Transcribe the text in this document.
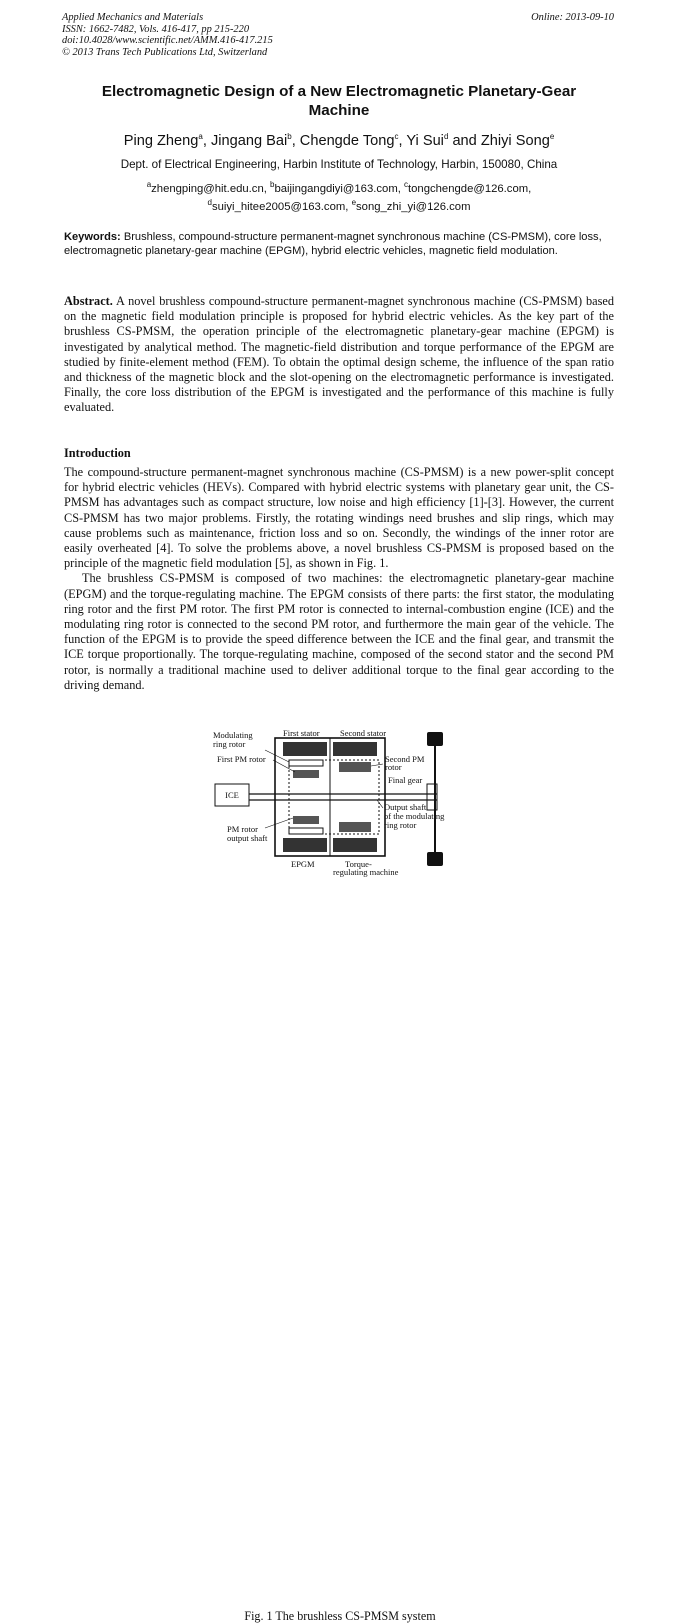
Applied Mechanics and Materials
ISSN: 1662-7482, Vols. 416-417, pp 215-220
doi:10.4028/www.scientific.net/AMM.416-417.215
© 2013 Trans Tech Publications Ltd, Switzerland
Online: 2013-09-10
Electromagnetic Design of a New Electromagnetic Planetary-Gear Machine
Ping Zheng$^a$, Jingang Bai$^b$, Chengde Tong$^c$, Yi Sui$^d$ and Zhiyi Song$^e$
Dept. of Electrical Engineering, Harbin Institute of Technology, Harbin, 150080, China
$^a$zhengping@hit.edu.cn, $^b$baijingangdiyi@163.com, $^c$tongchengde@126.com,
$^d$suiyi_hitee2005@163.com, $^e$song_zhi_yi@126.com
Keywords: Brushless, compound-structure permanent-magnet synchronous machine (CS-PMSM), core loss, electromagnetic planetary-gear machine (EPGM), hybrid electric vehicles, magnetic field modulation.
Abstract. A novel brushless compound-structure permanent-magnet synchronous machine (CS-PMSM) based on the magnetic field modulation principle is proposed for hybrid electric vehicles. As the key part of the brushless CS-PMSM, the operation principle of the electromagnetic planetary-gear machine (EPGM) is investigated by analytical method. The magnetic-field distribution and torque performance of the EPGM are studied by finite-element method (FEM). To obtain the optimal design scheme, the influence of the span ratio and thickness of the magnetic block and the slot-opening on the electromagnetic performance is investigated. Finally, the core loss distribution of the EPGM is investigated and the performance of this machine is fully evaluated.
Introduction

The compound-structure permanent-magnet synchronous machine (CS-PMSM) is a new power-split concept for hybrid electric vehicles (HEVs). Compared with hybrid electric systems with planetary gear unit, the CS-PMSM has advantages such as compact structure, low noise and high efficiency [1]-[3]. However, the current CS-PMSM has two major problems. Firstly, the rotating windings need brushes and slip rings, which may cause problems such as maintenance, friction loss and so on. Secondly, the windings of the inner rotor are easily overheated [4]. To solve the problems above, a novel brushless CS-PMSM is proposed based on the principle of the magnetic field modulation [5], as shown in Fig. 1.

The brushless CS-PMSM is composed of two machines: the electromagnetic planetary-gear machine (EPGM) and the torque-regulating machine. The EPGM consists of there parts: the first stator, the modulating ring rotor and the first PM rotor. The first PM rotor is connected to internal-combustion engine (ICE) and the modulating ring rotor is connected to the second PM rotor, and furthermore the main gear of the vehicle. The function of the EPGM is to provide the speed difference between the ICE and the final gear, and transmit the ICE torque proportionally. The torque-regulating machine, composed of the second stator and the second PM rotor, is normally a traditional machine used to deliver additional torque to the final gear according to the driving demand.

ICE
Modulating
ring rotor
First stator Second stator
First PM rotor	Second PM
rotor
Final gear
Output shaft
of the modulating
ring rotor
PM rotor
output shaft
EPGM	Torque-
regulating machine
Fig. 1 The brushless CS-PMSM system
